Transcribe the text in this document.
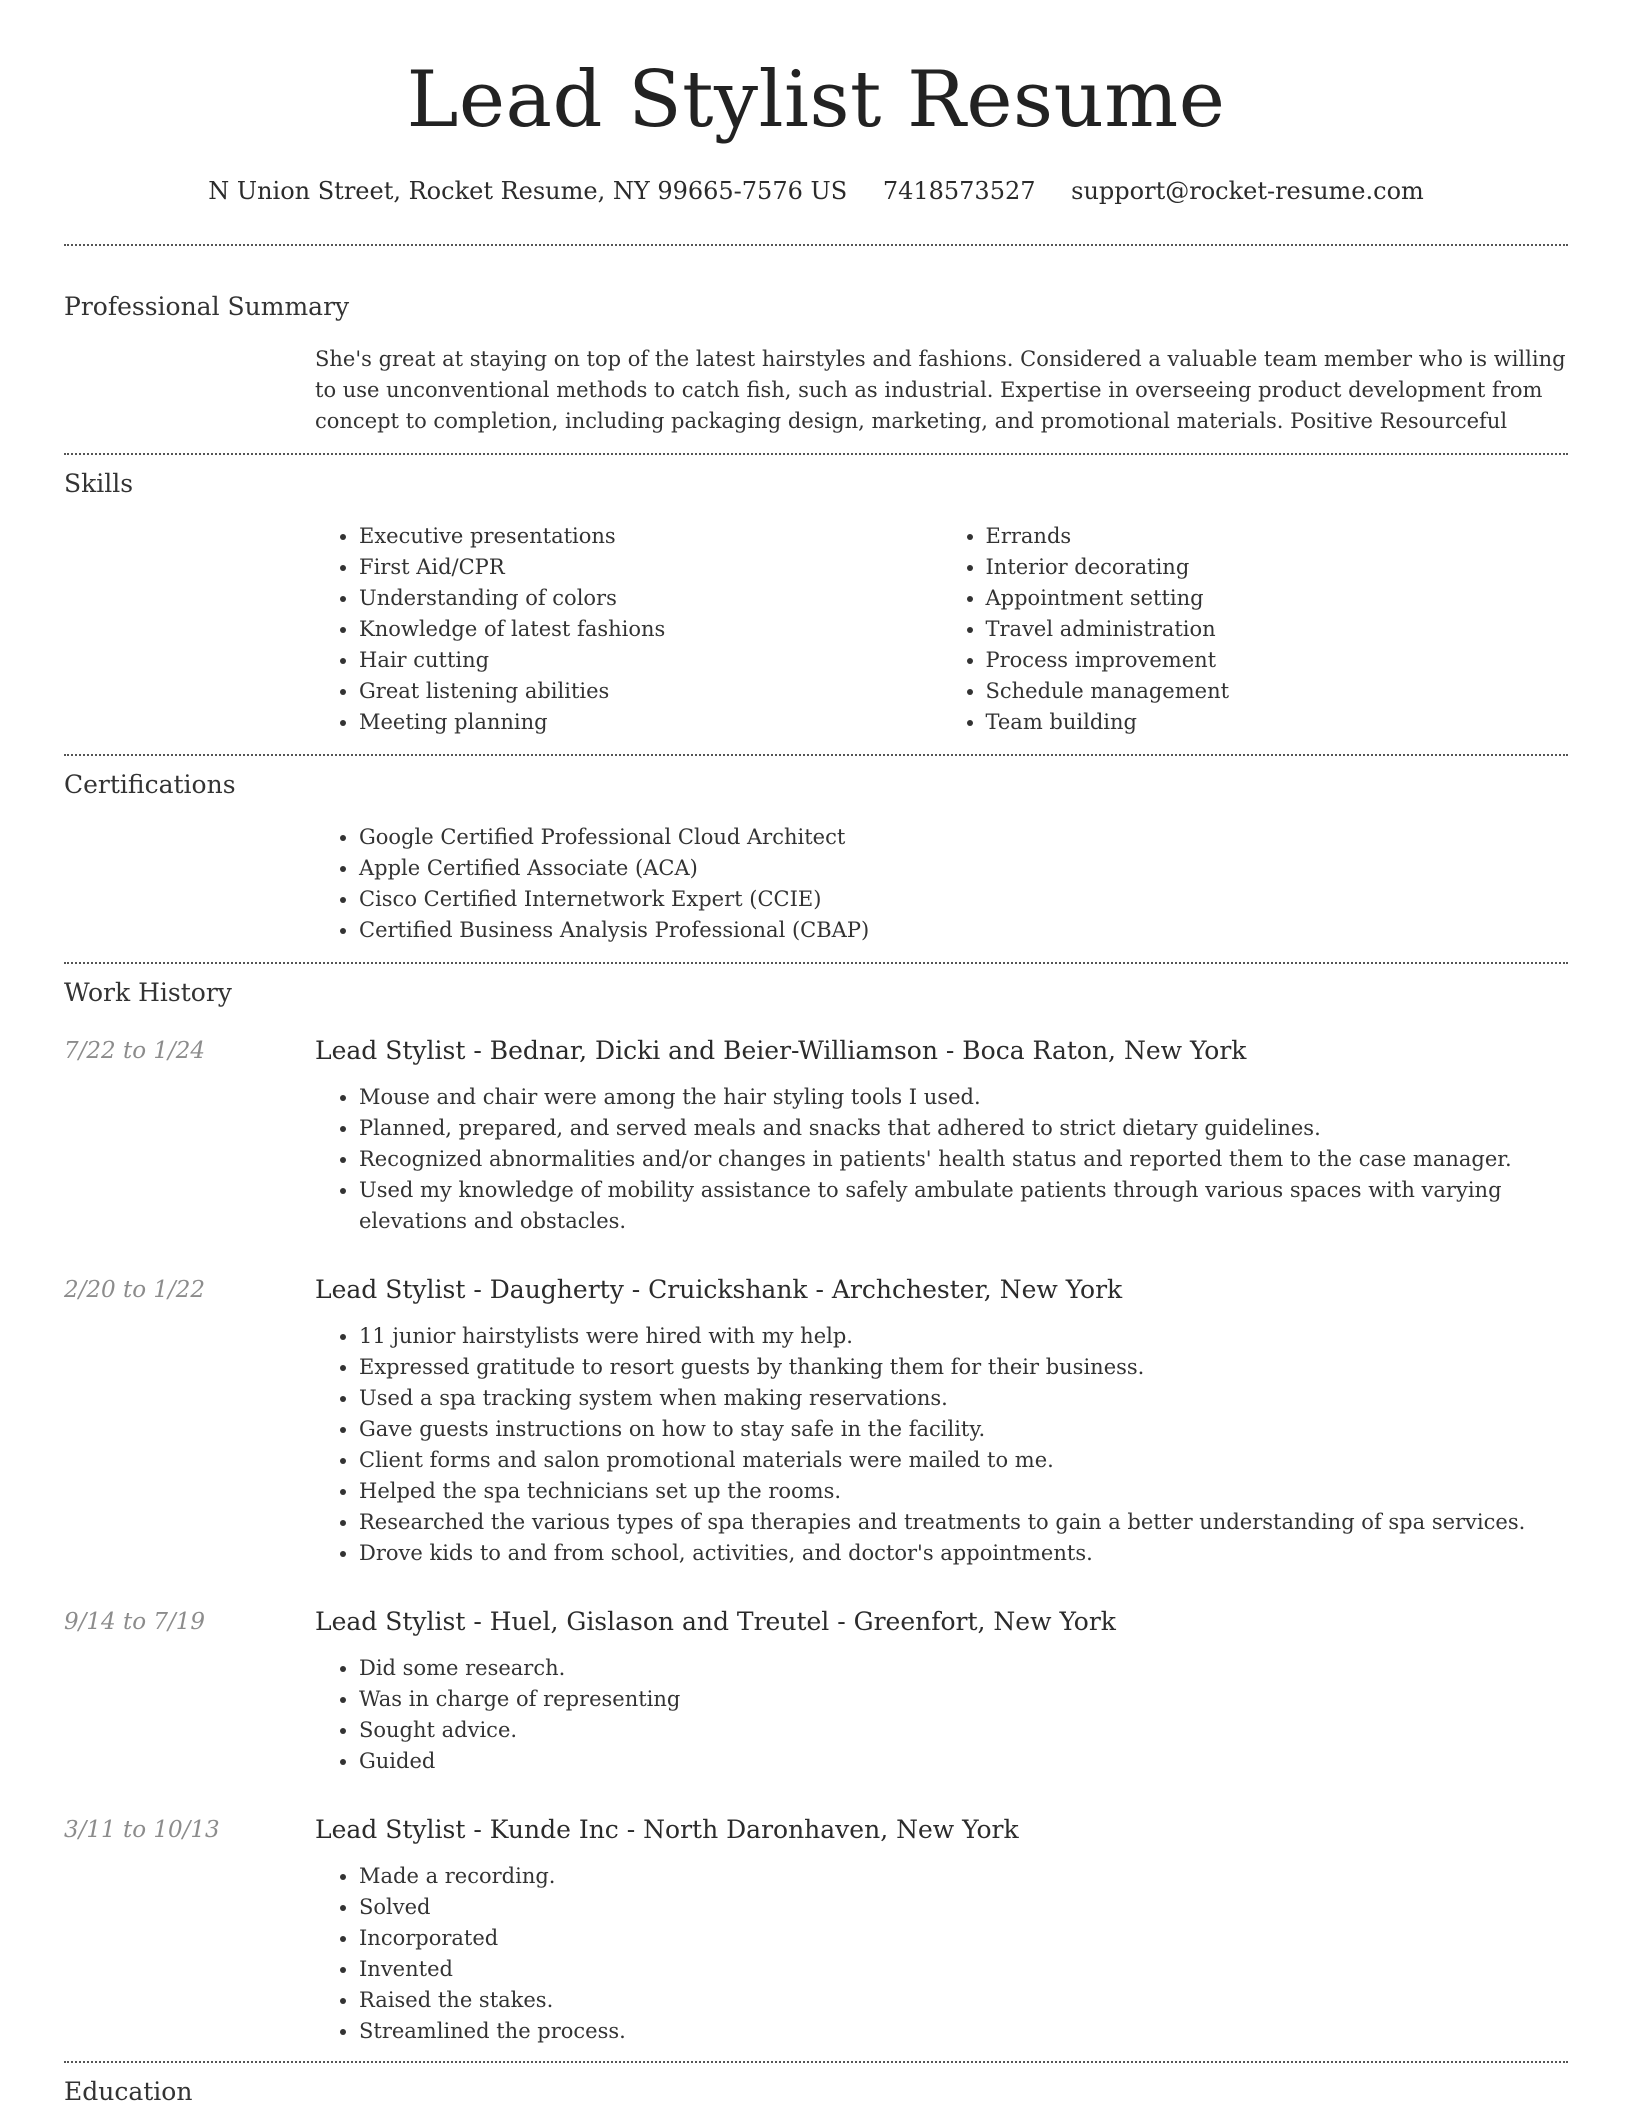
Lead Stylist Resume
N Union Street, Rocket Resume, NY 99665-7576 US 7418573527 support@rocket-resume.com
Professional Summary
She's great at staying on top of the latest hairstyles and fashions. Considered a valuable team member who is willing to use unconventional methods to catch fish, such as industrial. Expertise in overseeing product development from concept to completion, including packaging design, marketing, and promotional materials. Positive Resourceful
Skills
• Executive presentations
• First Aid/CPR
• Understanding of colors
• Knowledge of latest fashions
• Hair cutting
• Great listening abilities
• Meeting planning
• Errands
• Interior decorating
• Appointment setting
• Travel administration
• Process improvement
• Schedule management
• Team building
Certifications
• Google Certified Professional Cloud Architect
• Apple Certified Associate (ACA)
• Cisco Certified Internetwork Expert (CCIE)
• Certified Business Analysis Professional (CBAP)
Work History
7/22 to 1/24	Lead Stylist - Bednar, Dicki and Beier-Williamson - Boca Raton, New York
• Mouse and chair were among the hair styling tools I used.
• Planned, prepared, and served meals and snacks that adhered to strict dietary guidelines.
• Recognized abnormalities and/or changes in patients' health status and reported them to the case manager.
• Used my knowledge of mobility assistance to safely ambulate patients through various spaces with varying elevations and obstacles.
2/20 to 1/22	Lead Stylist - Daugherty - Cruickshank - Archchester, New York
• 11 junior hairstylists were hired with my help.
• Expressed gratitude to resort guests by thanking them for their business.
• Used a spa tracking system when making reservations.
• Gave guests instructions on how to stay safe in the facility.
• Client forms and salon promotional materials were mailed to me.
• Helped the spa technicians set up the rooms.
• Researched the various types of spa therapies and treatments to gain a better understanding of spa services.
• Drove kids to and from school, activities, and doctor's appointments.
9/14 to 7/19	Lead Stylist - Huel, Gislason and Treutel - Greenfort, New York
• Did some research.
• Was in charge of representing
• Sought advice.
• Guided
3/11 to 10/13	Lead Stylist - Kunde Inc - North Daronhaven, New York
• Made a recording.
• Solved
• Incorporated
• Invented
• Raised the stakes.
• Streamlined the process.
Education
